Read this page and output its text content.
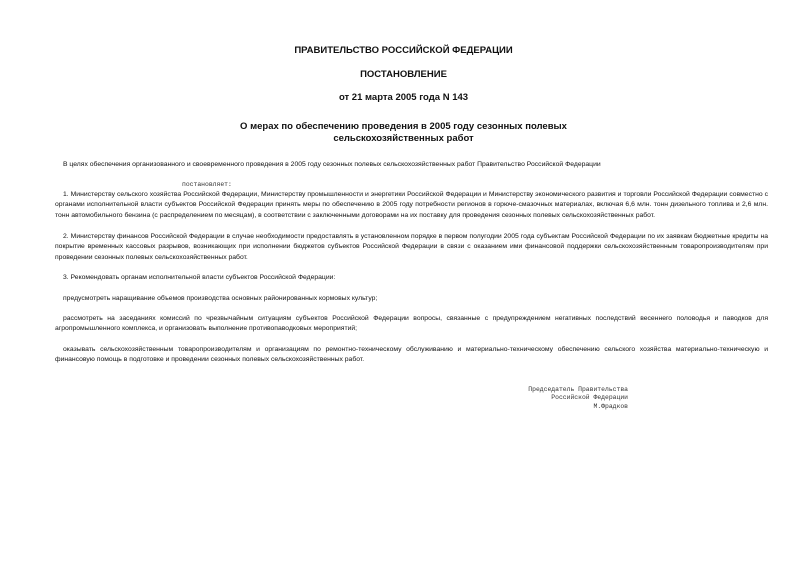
ПРАВИТЕЛЬСТВО РОССИЙСКОЙ ФЕДЕРАЦИИ
ПОСТАНОВЛЕНИЕ
от 21 марта 2005 года N 143
О мерах по обеспечению проведения в 2005 году сезонных полевых
сельскохозяйственных работ
В целях обеспечения организованного и своевременного проведения в 2005 году сезонных полевых сельскохозяйственных работ Правительство Российской Федерации
постановляет:
1. Министерству сельского хозяйства Российской Федерации, Министерству промышленности и энергетики Российской Федерации и Министерству экономического развития и торговли Российской Федерации совместно с органами исполнительной власти субъектов Российской Федерации принять меры по обеспечению в 2005 году потребности регионов в горюче-смазочных материалах, включая 6,6 млн. тонн дизельного топлива и 2,6 млн. тонн автомобильного бензина (с распределением по месяцам), в соответствии с заключенными договорами на их поставку для проведения сезонных полевых сельскохозяйственных работ.
2. Министерству финансов Российской Федерации в случае необходимости предоставлять в установленном порядке в первом полугодии 2005 года субъектам Российской Федерации по их заявкам бюджетные кредиты на покрытие временных кассовых разрывов, возникающих при исполнении бюджетов субъектов Российской Федерации в связи с оказанием ими финансовой поддержки сельскохозяйственным товаропроизводителям при проведении сезонных полевых сельскохозяйственных работ.
3. Рекомендовать органам исполнительной власти субъектов Российской Федерации:
предусмотреть наращивание объемов производства основных районированных кормовых культур;
рассмотреть на заседаниях комиссий по чрезвычайным ситуациям субъектов Российской Федерации вопросы, связанные с предупреждением негативных последствий весеннего половодья и паводков для агропромышленного комплекса, и организовать выполнение противопаводковых мероприятий;
оказывать сельскохозяйственным товаропроизводителям и организациям по ремонтно-техническому обслуживанию и материально-техническому обеспечению сельского хозяйства материально-техническую и финансовую помощь в подготовке и проведении сезонных полевых сельскохозяйственных работ.
Председатель Правительства
Российской Федерации
М.Фрадков
